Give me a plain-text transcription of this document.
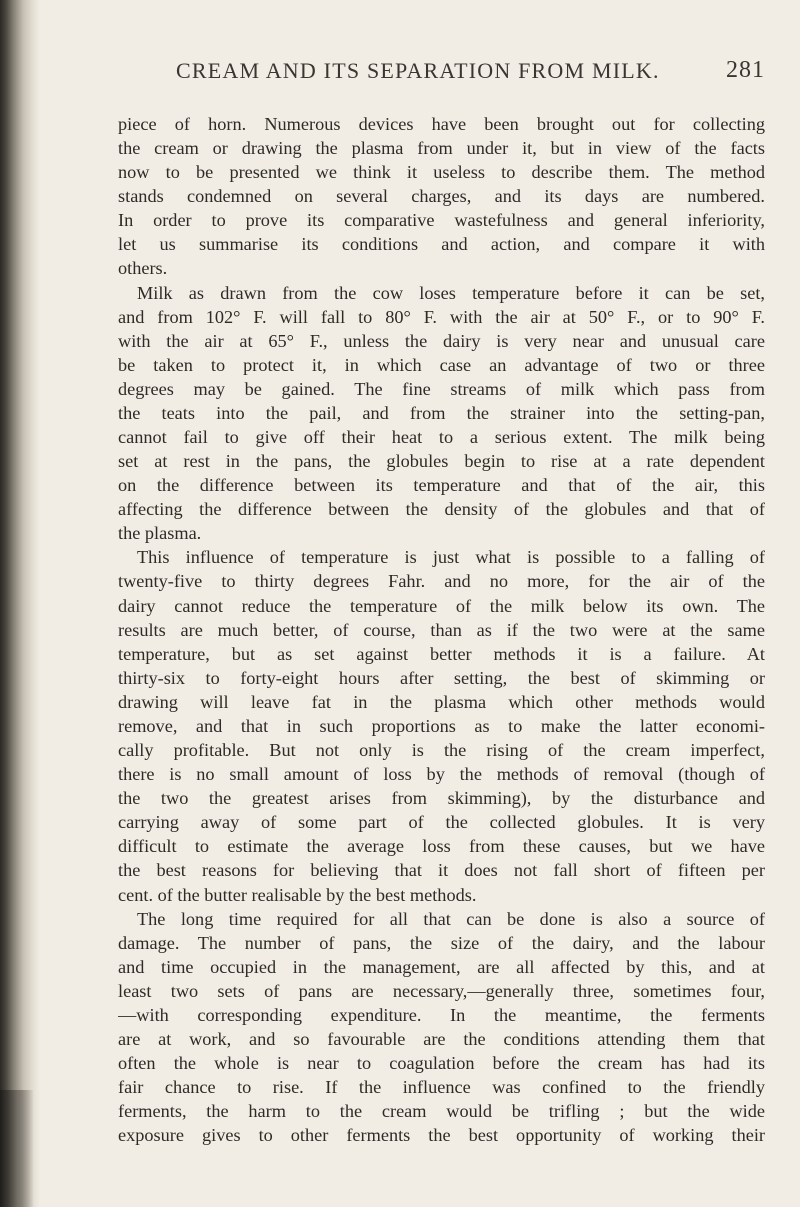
CREAM AND ITS SEPARATION FROM MILK.	281
piece of horn. Numerous devices have been brought out for collecting
the cream or drawing the plasma from under it, but in view of the facts
now to be presented we think it useless to describe them. The method
stands condemned on several charges, and its days are numbered.
In order to prove its comparative wastefulness and general inferiority,
let us summarise its conditions and action, and compare it with
others.
Milk as drawn from the cow loses temperature before it can be set,
and from 102° F. will fall to 80° F. with the air at 50° F., or to 90° F.
with the air at 65° F., unless the dairy is very near and unusual care
be taken to protect it, in which case an advantage of two or three
degrees may be gained. The fine streams of milk which pass from
the teats into the pail, and from the strainer into the setting-pan,
cannot fail to give off their heat to a serious extent. The milk being
set at rest in the pans, the globules begin to rise at a rate dependent
on the difference between its temperature and that of the air, this
affecting the difference between the density of the globules and that of
the plasma.
This influence of temperature is just what is possible to a falling of
twenty-five to thirty degrees Fahr. and no more, for the air of the
dairy cannot reduce the temperature of the milk below its own. The
results are much better, of course, than as if the two were at the same
temperature, but as set against better methods it is a failure. At
thirty-six to forty-eight hours after setting, the best of skimming or
drawing will leave fat in the plasma which other methods would
remove, and that in such proportions as to make the latter economi-
cally profitable. But not only is the rising of the cream imperfect,
there is no small amount of loss by the methods of removal (though of
the two the greatest arises from skimming), by the disturbance and
carrying away of some part of the collected globules. It is very
difficult to estimate the average loss from these causes, but we have
the best reasons for believing that it does not fall short of fifteen per
cent. of the butter realisable by the best methods.
The long time required for all that can be done is also a source of
damage. The number of pans, the size of the dairy, and the labour
and time occupied in the management, are all affected by this, and at
least two sets of pans are necessary,—generally three, sometimes four,
—with corresponding expenditure. In the meantime, the ferments
are at work, and so favourable are the conditions attending them that
often the whole is near to coagulation before the cream has had its
fair chance to rise. If the influence was confined to the friendly
ferments, the harm to the cream would be trifling ; but the wide
exposure gives to other ferments the best opportunity of working their
